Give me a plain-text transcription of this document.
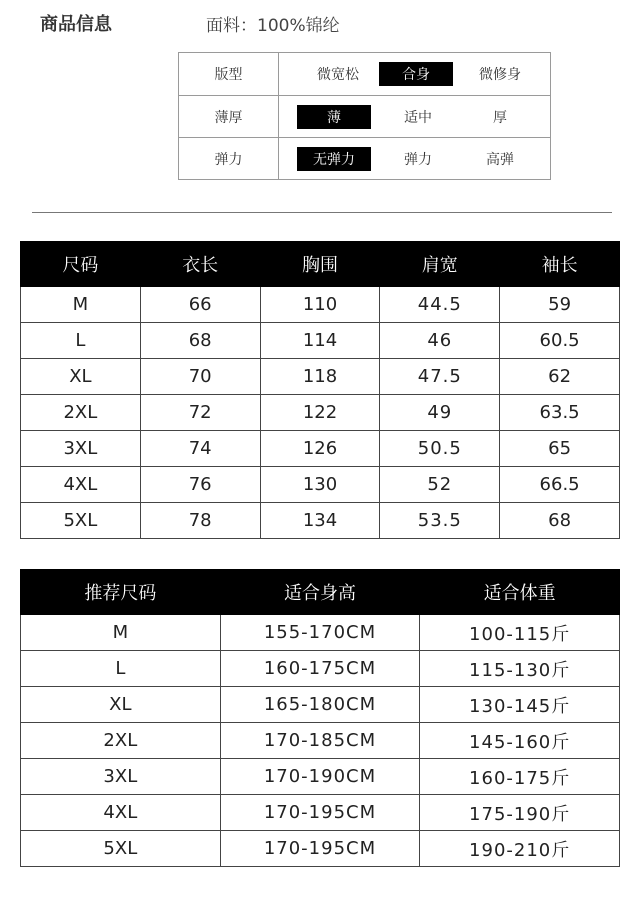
商品信息	面料：100%锦纶
版型	微宽松	合身	微修身
薄厚	薄	适中	厚
弹力	无弹力	弹力	高弹
尺码	衣长	胸围	肩宽	袖长
M	66	110	44.5	59
L	68	114	46	60.5
XL	70	118	47.5	62
2XL	72	122	49	63.5
3XL	74	126	50.5	65
4XL	76	130	52	66.5
5XL	78	134	53.5	68
推荐尺码	适合身高	适合体重
M	155-170CM	100-115斤
L	160-175CM	115-130斤
XL	165-180CM	130-145斤
2XL	170-185CM	145-160斤
3XL	170-190CM	160-175斤
4XL	170-195CM	175-190斤
5XL	170-195CM	190-210斤
